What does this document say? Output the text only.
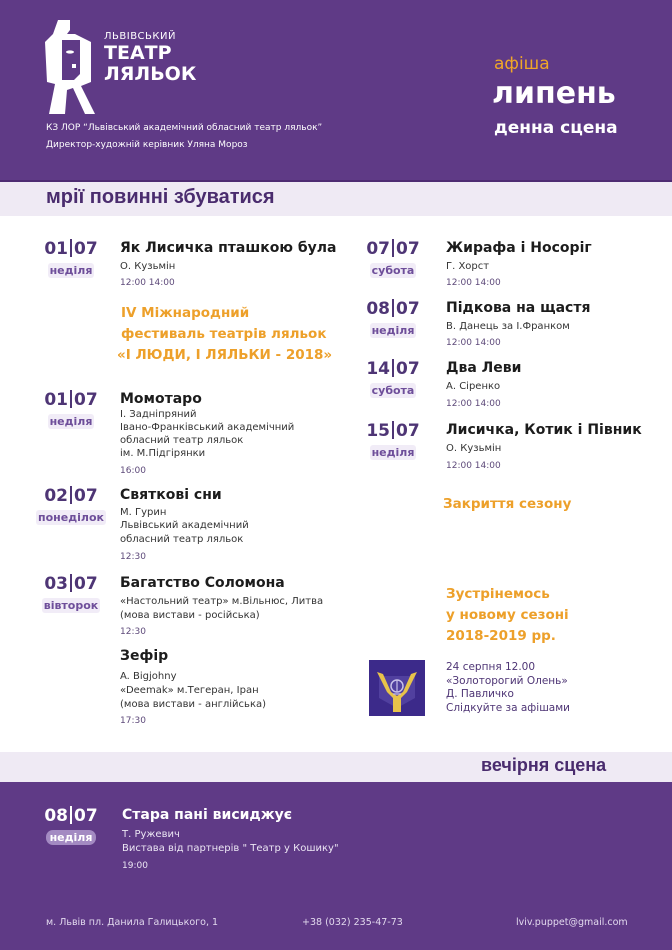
ЛЬВІВСЬКИЙ
ТЕАТР
ЛЯЛЬОК
КЗ ЛОР “Львівський академічний обласний театр ляльок”
Директор-художній керівник Уляна Мороз
афіша
липень
денна сцена
мрії повинні збуватися
01 07
неділя
Як Лисичка пташкою була
О. Кузьмін
12:00 14:00
IV Міжнародний
фестиваль театрів ляльок
«І ЛЮДИ, І ЛЯЛЬКИ - 2018»
01 07
неділя
Момотаро
І. Задніпряний
Івано-Франківський академічний
обласний театр ляльок
ім. М.Підгірянки
16:00
02 07
понеділок
Святкові сни
М. Гурин
Львівський академічний
обласний театр ляльок
12:30
03 07
вівторок
Багатство Соломона
«Настольний театр» м.Вільнюс, Литва
(мова вистави - російська)
12:30
Зефір
A. Bigjohny
«Deemak» м.Тегеран, Іран
(мова вистави - англійська)
17:30
07 07
субота
Жирафа і Носоріг
Г. Хорст
12:00 14:00
08 07
неділя
Підкова на щастя
В. Данець за І.Франком
12:00 14:00
14 07
субота
Два Леви
А. Сіренко
12:00 14:00
15 07
неділя
Лисичка, Котик і Півник
О. Кузьмін
12:00 14:00
Закриття сезону
Зустрінемось
у новому сезоні
2018-2019 рр.
24 серпня 12.00
«Золоторогий Олень»
Д. Павличко
Слідкуйте за афішами
вечірня сцена
08 07
неділя
Стара пані висиджує
Т. Ружевич
Вистава від партнерів " Театр у Кошику"
19:00
м. Львів пл. Данила Галицького, 1	+38 (032) 235-47-73	lviv.puppet@gmail.com
